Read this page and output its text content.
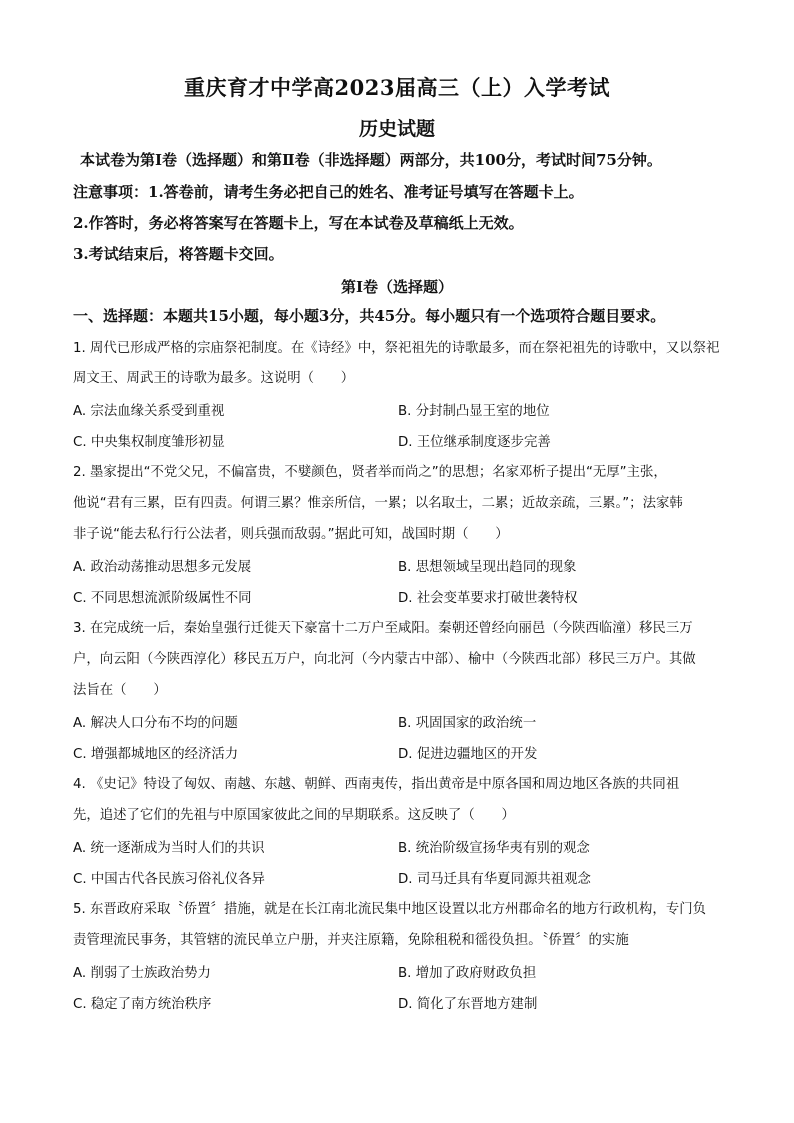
重庆育才中学高2023届高三（上）入学考试
历史试题
本试卷为第Ⅰ卷（选择题）和第Ⅱ卷（非选择题）两部分，共100分，考试时间75分钟。
注意事项：1.答卷前，请考生务必把自己的姓名、准考证号填写在答题卡上。
2.作答时，务必将答案写在答题卡上，写在本试卷及草稿纸上无效。
3.考试结束后，将答题卡交回。
第Ⅰ卷（选择题）
一、选择题：本题共15小题，每小题3分，共45分。每小题只有一个选项符合题目要求。
1. 周代已形成严格的宗庙祭祀制度。在《诗经》中，祭祀祖先的诗歌最多，而在祭祀祖先的诗歌中，又以祭祀
周文王、周武王的诗歌为最多。这说明（　　）
A. 宗法血缘关系受到重视	B. 分封制凸显王室的地位
C. 中央集权制度雏形初显	D. 王位继承制度逐步完善
2. 墨家提出“不党父兄，不偏富贵，不嬖颜色，贤者举而尚之”的思想；名家邓析子提出“无厚”主张，
他说“君有三累，臣有四责。何谓三累？惟亲所信，一累；以名取士，二累；近故亲疏，三累。”；法家韩
非子说“能去私行行公法者，则兵强而敌弱。”据此可知，战国时期（　　）
A. 政治动荡推动思想多元发展	B. 思想领域呈现出趋同的现象
C. 不同思想流派阶级属性不同	D. 社会变革要求打破世袭特权
3. 在完成统一后，秦始皇强行迁徙天下豪富十二万户至咸阳。秦朝还曾经向丽邑（今陕西临潼）移民三万
户，向云阳（今陕西淳化）移民五万户，向北河（今内蒙古中部）、榆中（今陕西北部）移民三万户。其做
法旨在（　　）
A. 解决人口分布不均的问题	B. 巩固国家的政治统一
C. 增强都城地区的经济活力	D. 促进边疆地区的开发
4. 《史记》特设了匈奴、南越、东越、朝鲜、西南夷传，指出黄帝是中原各国和周边地区各族的共同祖
先，追述了它们的先祖与中原国家彼此之间的早期联系。这反映了（　　）
A. 统一逐渐成为当时人们的共识	B. 统治阶级宣扬华夷有别的观念
C. 中国古代各民族习俗礼仪各异	D. 司马迁具有华夏同源共祖观念
5. 东晋政府采取〝侨置〞措施，就是在长江南北流民集中地区设置以北方州郡命名的地方行政机构，专门负
责管理流民事务，其管辖的流民单立户册，并夹注原籍，免除租税和徭役负担。〝侨置〞的实施
A. 削弱了士族政治势力	B. 增加了政府财政负担
C. 稳定了南方统治秩序	D. 简化了东晋地方建制
